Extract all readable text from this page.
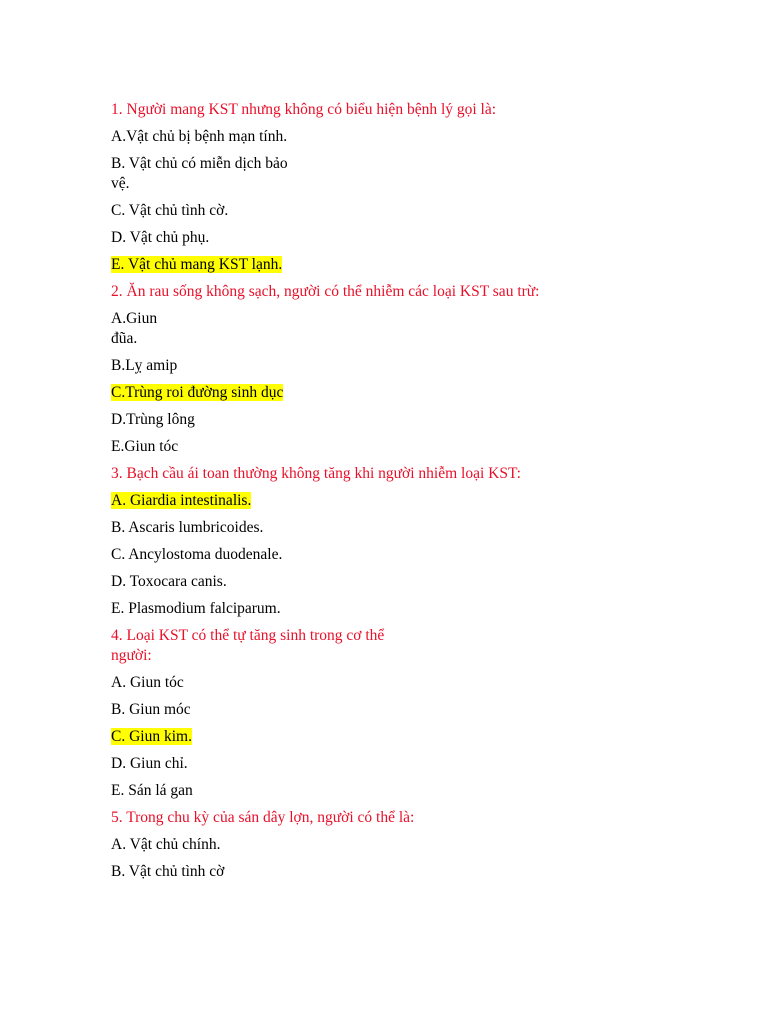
1. Người mang KST nhưng không có biểu hiện bệnh lý gọi là:
A.Vật chủ bị bệnh mạn tính.
B. Vật chủ có miễn dịch bảo vệ.
C. Vật chủ tình cờ.
D. Vật chủ phụ.
E. Vật chủ mang KST lạnh.
2. Ăn rau sống không sạch, người có thể nhiễm các loại KST sau trừ:
A.Giun đũa.
B.Lỵ amip
C.Trùng roi đường sinh dục
D.Trùng lông
E.Giun tóc
3. Bạch cầu ái toan thường không tăng khi người nhiễm loại KST:
A. Giardia intestinalis.
B. Ascaris lumbricoides.
C. Ancylostoma duodenale.
D. Toxocara canis.
E. Plasmodium falciparum.
4. Loại KST có thể tự tăng sinh trong cơ thể người:
A. Giun tóc
B. Giun móc
C. Giun kim.
D. Giun chỉ.
E. Sán lá gan
5. Trong chu kỳ của sán dây lợn, người có thể là:
A. Vật chủ chính.
B. Vật chủ tình cờ
